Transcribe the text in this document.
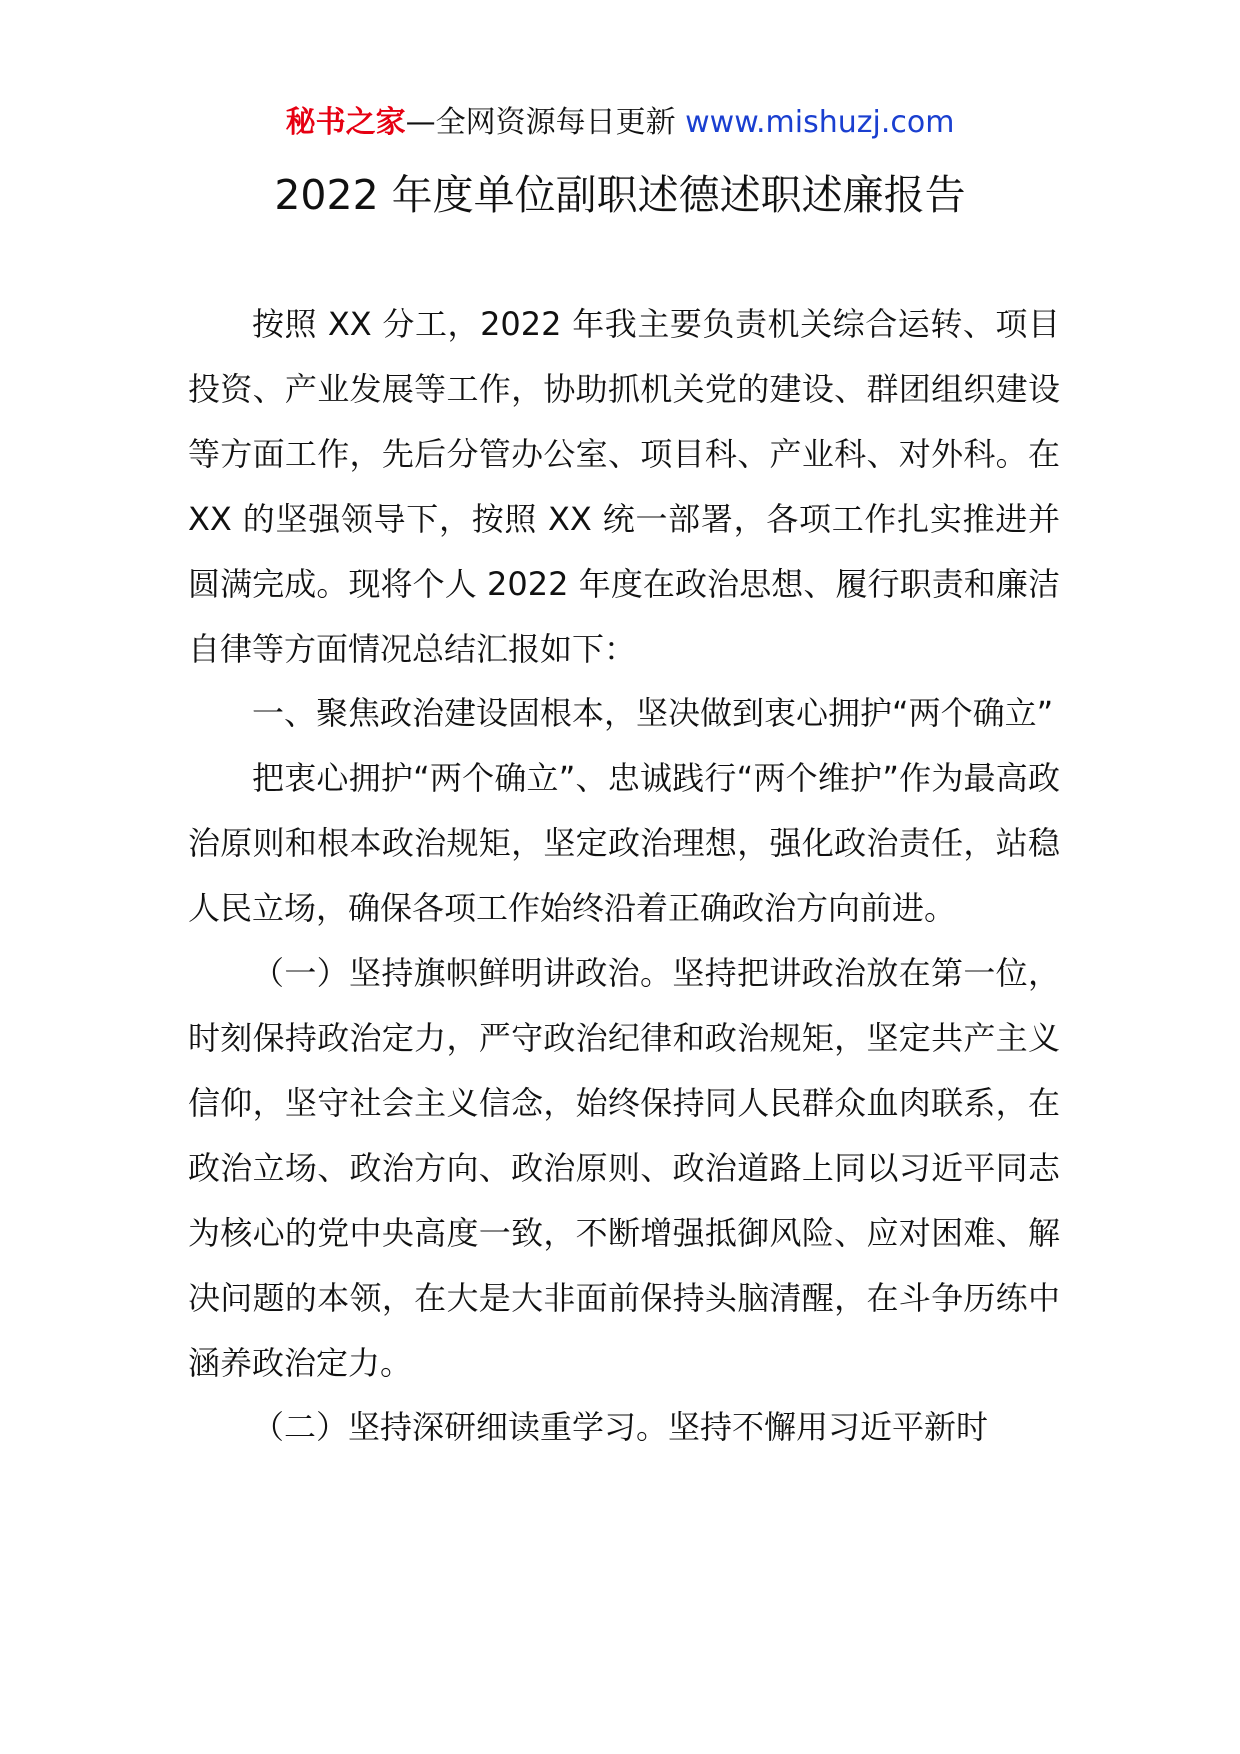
秘书之家—全网资源每日更新 www.mishuzj.com
2022 年度单位副职述德述职述廉报告

按照 XX 分工，2022 年我主要负责机关综合运转、项目投资、产业发展等工作，协助抓机关党的建设、群团组织建设等方面工作，先后分管办公室、项目科、产业科、对外科。在 XX 的坚强领导下，按照 XX 统一部署，各项工作扎实推进并圆满完成。现将个人 2022 年度在政治思想、履行职责和廉洁自律等方面情况总结汇报如下：

一、聚焦政治建设固根本，坚决做到衷心拥护“两个确立”

把衷心拥护“两个确立”、忠诚践行“两个维护”作为最高政治原则和根本政治规矩，坚定政治理想，强化政治责任，站稳人民立场，确保各项工作始终沿着正确政治方向前进。

（一）坚持旗帜鲜明讲政治。坚持把讲政治放在第一位，时刻保持政治定力，严守政治纪律和政治规矩，坚定共产主义信仰，坚守社会主义信念，始终保持同人民群众血肉联系，在政治立场、政治方向、政治原则、政治道路上同以习近平同志为核心的党中央高度一致，不断增强抵御风险、应对困难、解决问题的本领，在大是大非面前保持头脑清醒，在斗争历练中涵养政治定力。

（二）坚持深研细读重学习。坚持不懈用习近平新时
